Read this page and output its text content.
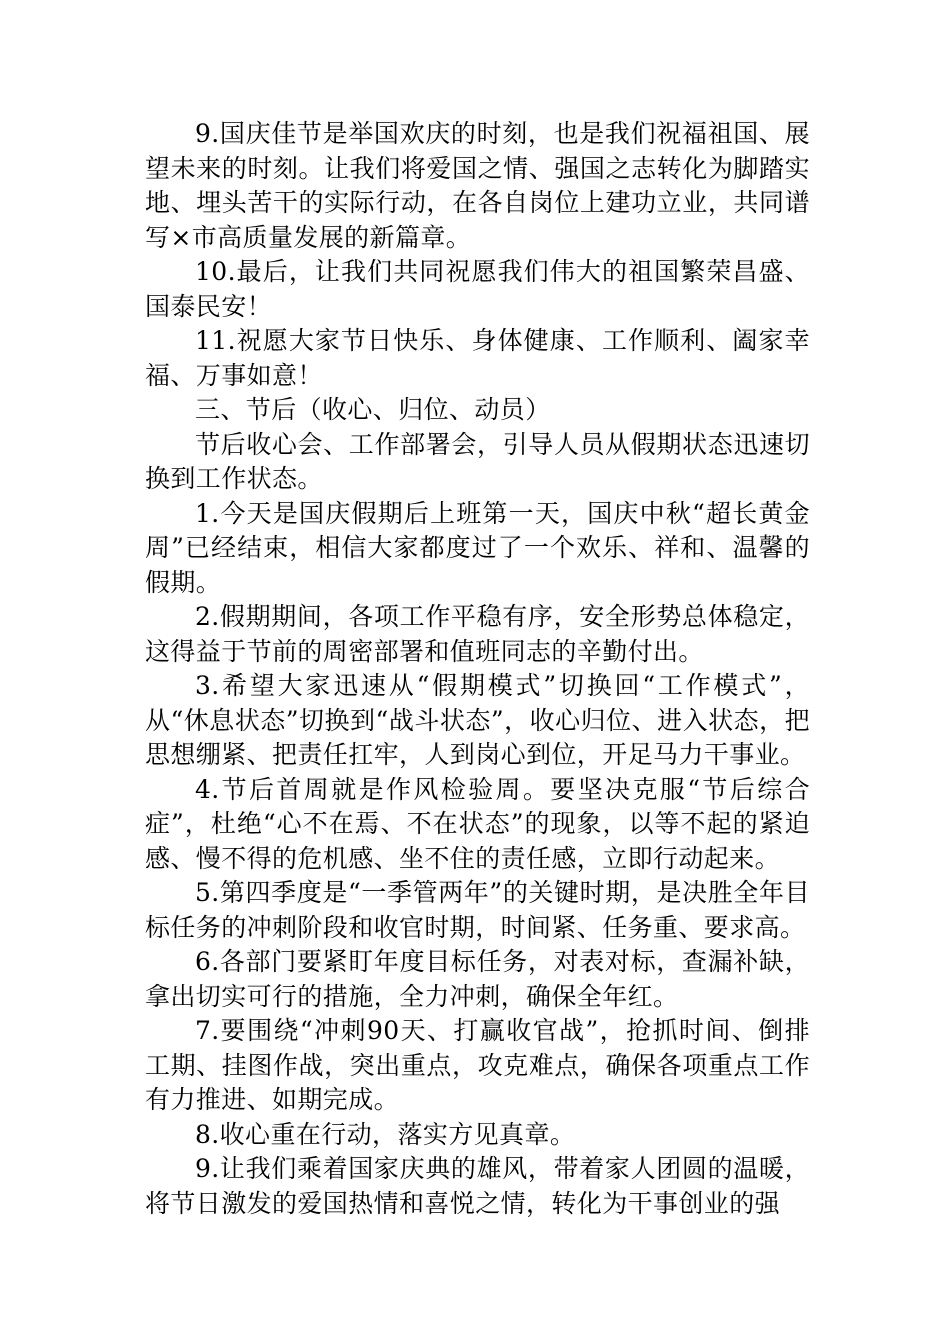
9.国庆佳节是举国欢庆的时刻，也是我们祝福祖国、展望未来的时刻。让我们将爱国之情、强国之志转化为脚踏实地、埋头苦干的实际行动，在各自岗位上建功立业，共同谱写×市高质量发展的新篇章。

10.最后，让我们共同祝愿我们伟大的祖国繁荣昌盛、国泰民安！

11.祝愿大家节日快乐、身体健康、工作顺利、阖家幸福、万事如意！

三、节后（收心、归位、动员）

节后收心会、工作部署会，引导人员从假期状态迅速切换到工作状态。

1.今天是国庆假期后上班第一天，国庆中秋“超长黄金周”已经结束，相信大家都度过了一个欢乐、祥和、温馨的假期。

2.假期期间，各项工作平稳有序，安全形势总体稳定，这得益于节前的周密部署和值班同志的辛勤付出。

3.希望大家迅速从“假期模式”切换回“工作模式”，从“休息状态”切换到“战斗状态”，收心归位、进入状态，把思想绷紧、把责任扛牢，人到岗心到位，开足马力干事业。

4.节后首周就是作风检验周。要坚决克服“节后综合症”，杜绝“心不在焉、不在状态”的现象，以等不起的紧迫感、慢不得的危机感、坐不住的责任感，立即行动起来。

5.第四季度是“一季管两年”的关键时期，是决胜全年目标任务的冲刺阶段和收官时期，时间紧、任务重、要求高。

6.各部门要紧盯年度目标任务，对表对标，查漏补缺，拿出切实可行的措施，全力冲刺，确保全年红。

7.要围绕“冲刺90天、打赢收官战”，抢抓时间、倒排工期、挂图作战，突出重点，攻克难点，确保各项重点工作有力推进、如期完成。

8.收心重在行动，落实方见真章。

9.让我们乘着国家庆典的雄风，带着家人团圆的温暖，将节日激发的爱国热情和喜悦之情，转化为干事创业的强
